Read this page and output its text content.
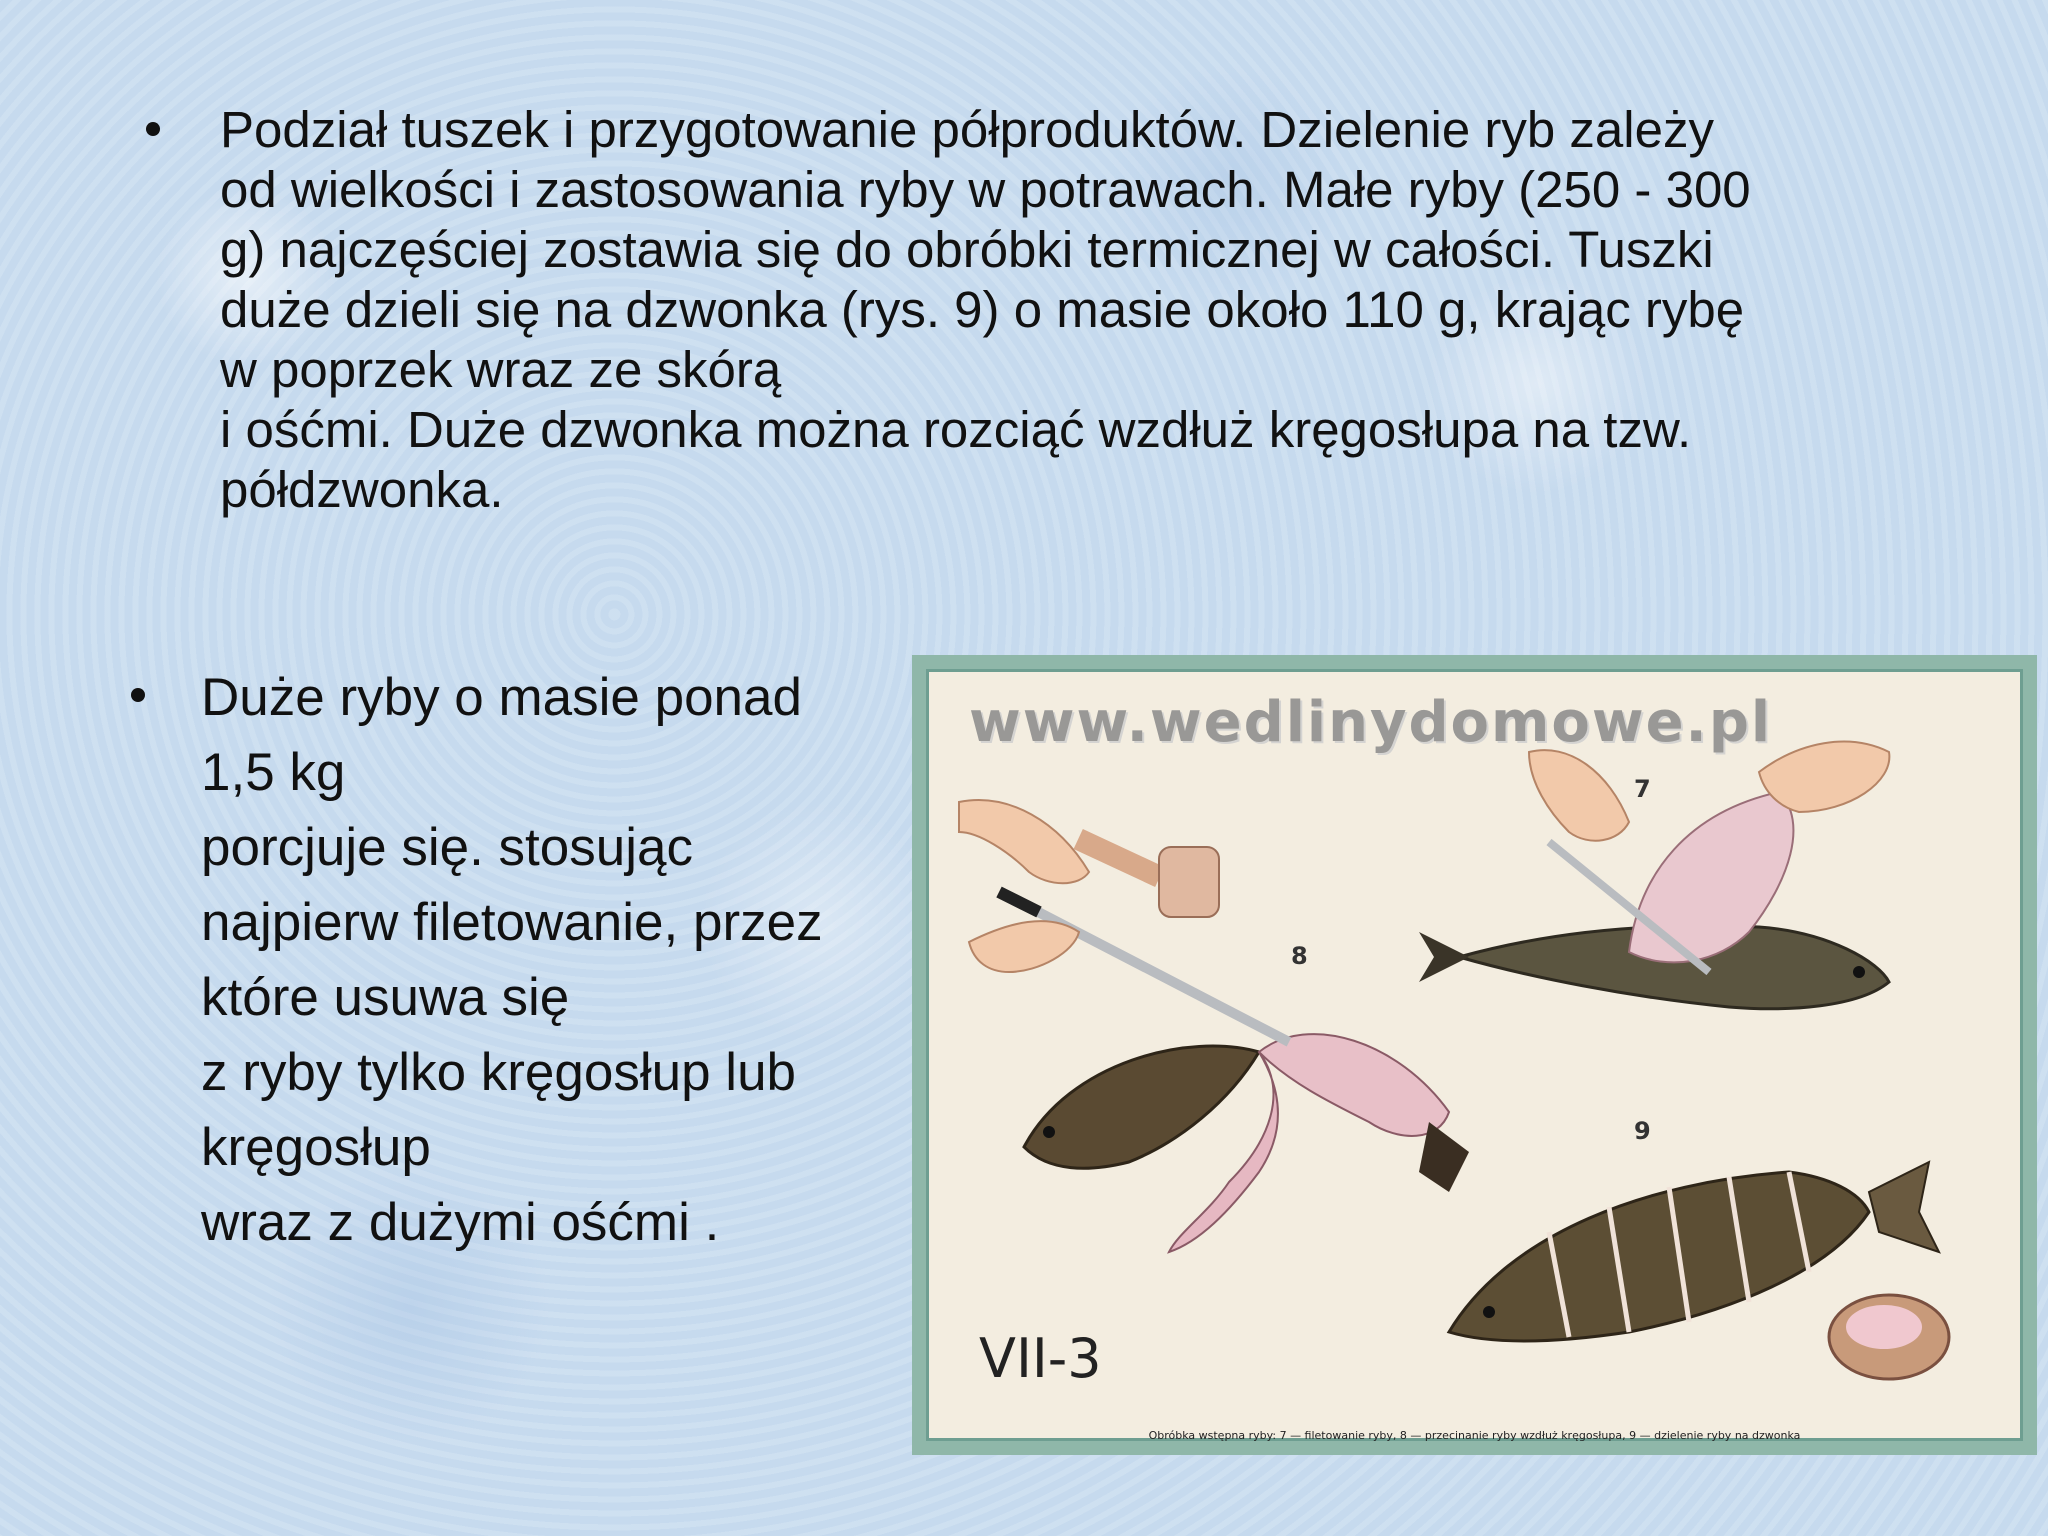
Podział tuszek i przygotowanie półproduktów. Dzielenie ryb zależy
od wielkości i zastosowania ryby w potrawach. Małe ryby (250 - 300
g) najczęściej zostawia się do obróbki termicznej w całości. Tuszki
duże dzieli się na dzwonka (rys. 9) o masie około 110 g, krając rybę
w poprzek wraz ze skórą
i ośćmi. Duże dzwonka można rozciąć wzdłuż kręgosłupa na tzw.
półdzwonka.
Duże ryby o masie ponad
1,5 kg
porcjuje się. stosując
najpierw filetowanie, przez
które usuwa się
z ryby tylko kręgosłup lub
kręgosłup
wraz z dużymi ośćmi .
www.wedlinydomowe.pl
7
8
9
VII-3
Obróbka wstępna ryby: 7 — filetowanie ryby, 8 — przecinanie ryby wzdłuż kręgosłupa, 9 — dzielenie ryby na dzwonka
